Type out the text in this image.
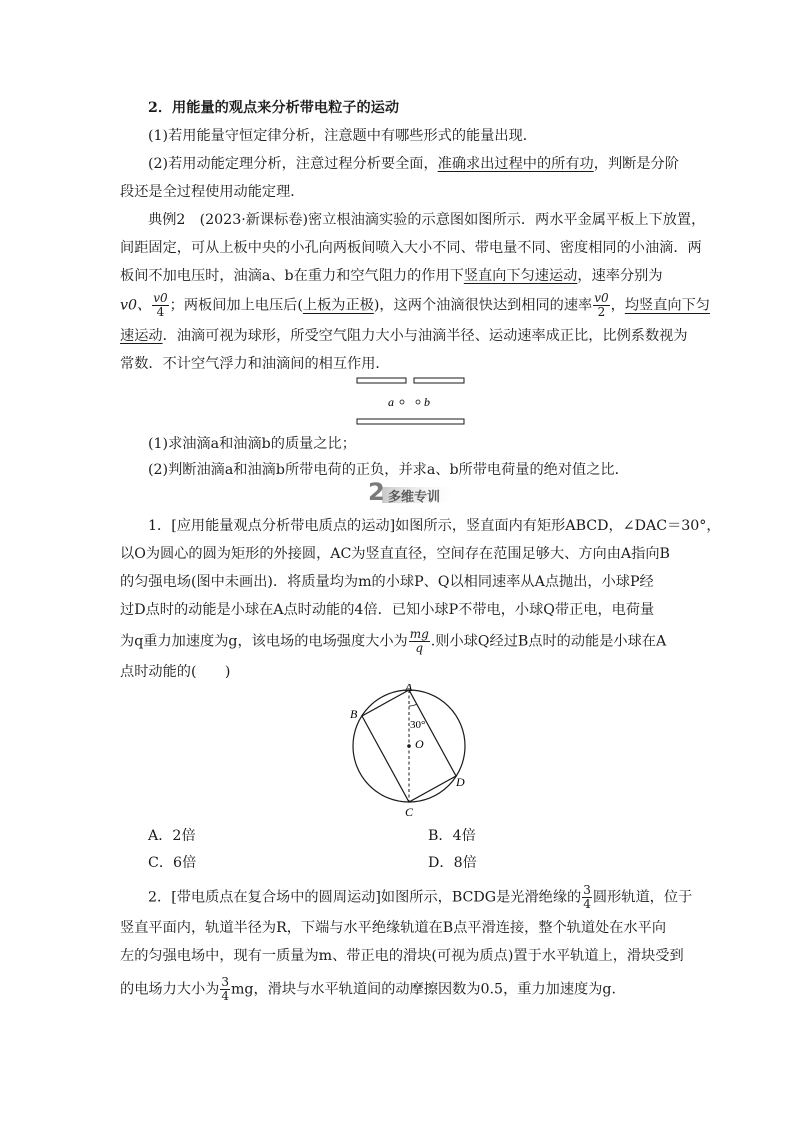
2．用能量的观点来分析带电粒子的运动
(1)若用能量守恒定律分析，注意题中有哪些形式的能量出现．
(2)若用动能定理分析，注意过程分析要全面，准确求出过程中的所有功，判断是分阶
段还是全过程使用动能定理．
典例2　(2023·新课标卷)密立根油滴实验的示意图如图所示．两水平金属平板上下放置，
间距固定，可从上板中央的小孔向两板间喷入大小不同、带电量不同、密度相同的小油滴．两
板间不加电压时，油滴a、b在重力和空气阻力的作用下竖直向下匀速运动，速率分别为
v0、 $\frac{v0}{4}$ ；两板间加上电压后(上板为正极)，这两个油滴很快达到相同的速率 $\frac{v0}{2}$ ，均竖直向下匀
速运动．油滴可视为球形，所受空气阻力大小与油滴半径、运动速率成正比，比例系数视为
常数．不计空气浮力和油滴间的相互作用．
a	b
(1)求油滴a和油滴b的质量之比；
(2)判断油滴a和油滴b所带电荷的正负，并求a、b所带电荷量的绝对值之比．
2 多维专训
1．[应用能量观点分析带电质点的运动]如图所示，竖直面内有矩形ABCD，∠DAC＝30°，
以O为圆心的圆为矩形的外接圆，AC为竖直直径，空间存在范围足够大、方向由A指向B
的匀强电场(图中未画出)．将质量均为m的小球P、Q以相同速率从A点抛出，小球P经
过D点时的动能是小球在A点时动能的4倍．已知小球P不带电，小球Q带正电，电荷量
为q重力加速度为g，该电场的电场强度大小为 $\frac{mg}{q}$ .则小球Q经过B点时的动能是小球在A
点时动能的(　　)
A
B
C
D
O
30°
A．2倍	B．4倍
C．6倍	D．8倍
2．[带电质点在复合场中的圆周运动]如图所示，BCDG是光滑绝缘的 $\frac{3}{4}$ 圆形轨道，位于
竖直平面内，轨道半径为R，下端与水平绝缘轨道在B点平滑连接，整个轨道处在水平向
左的匀强电场中，现有一质量为m、带正电的滑块(可视为质点)置于水平轨道上，滑块受到
的电场力大小为 $\frac{3}{4}$ mg，滑块与水平轨道间的动摩擦因数为0.5，重力加速度为g.
